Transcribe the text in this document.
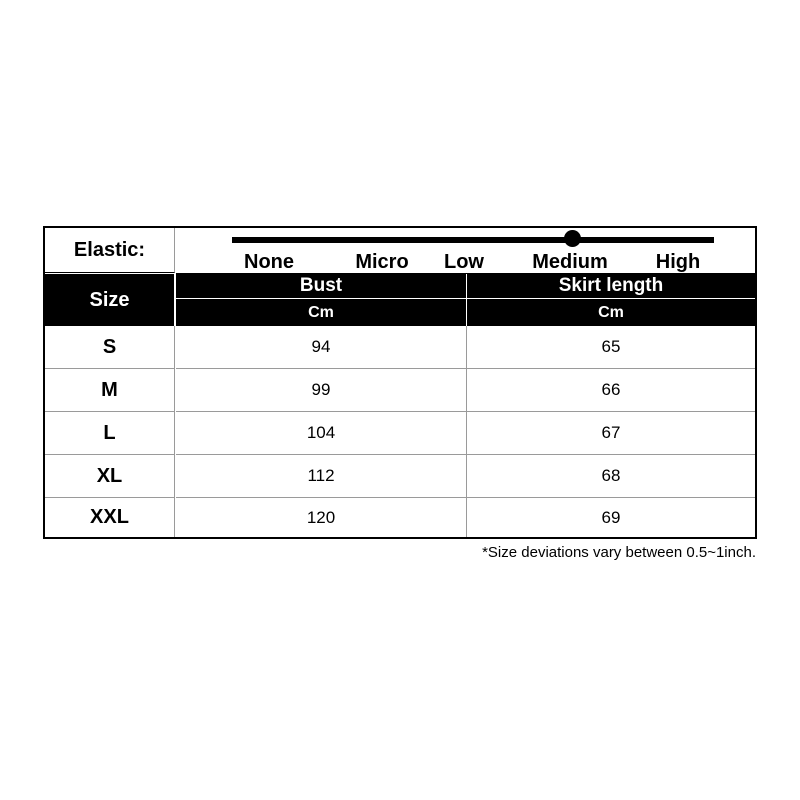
Elastic:
None	Micro Low Medium High
Size
Bust	Skirt length
Cm	Cm
S	94	65
M	99	66
L	104	67
XL	112	68
XXL	120	69
*Size deviations vary between 0.5~1inch.
